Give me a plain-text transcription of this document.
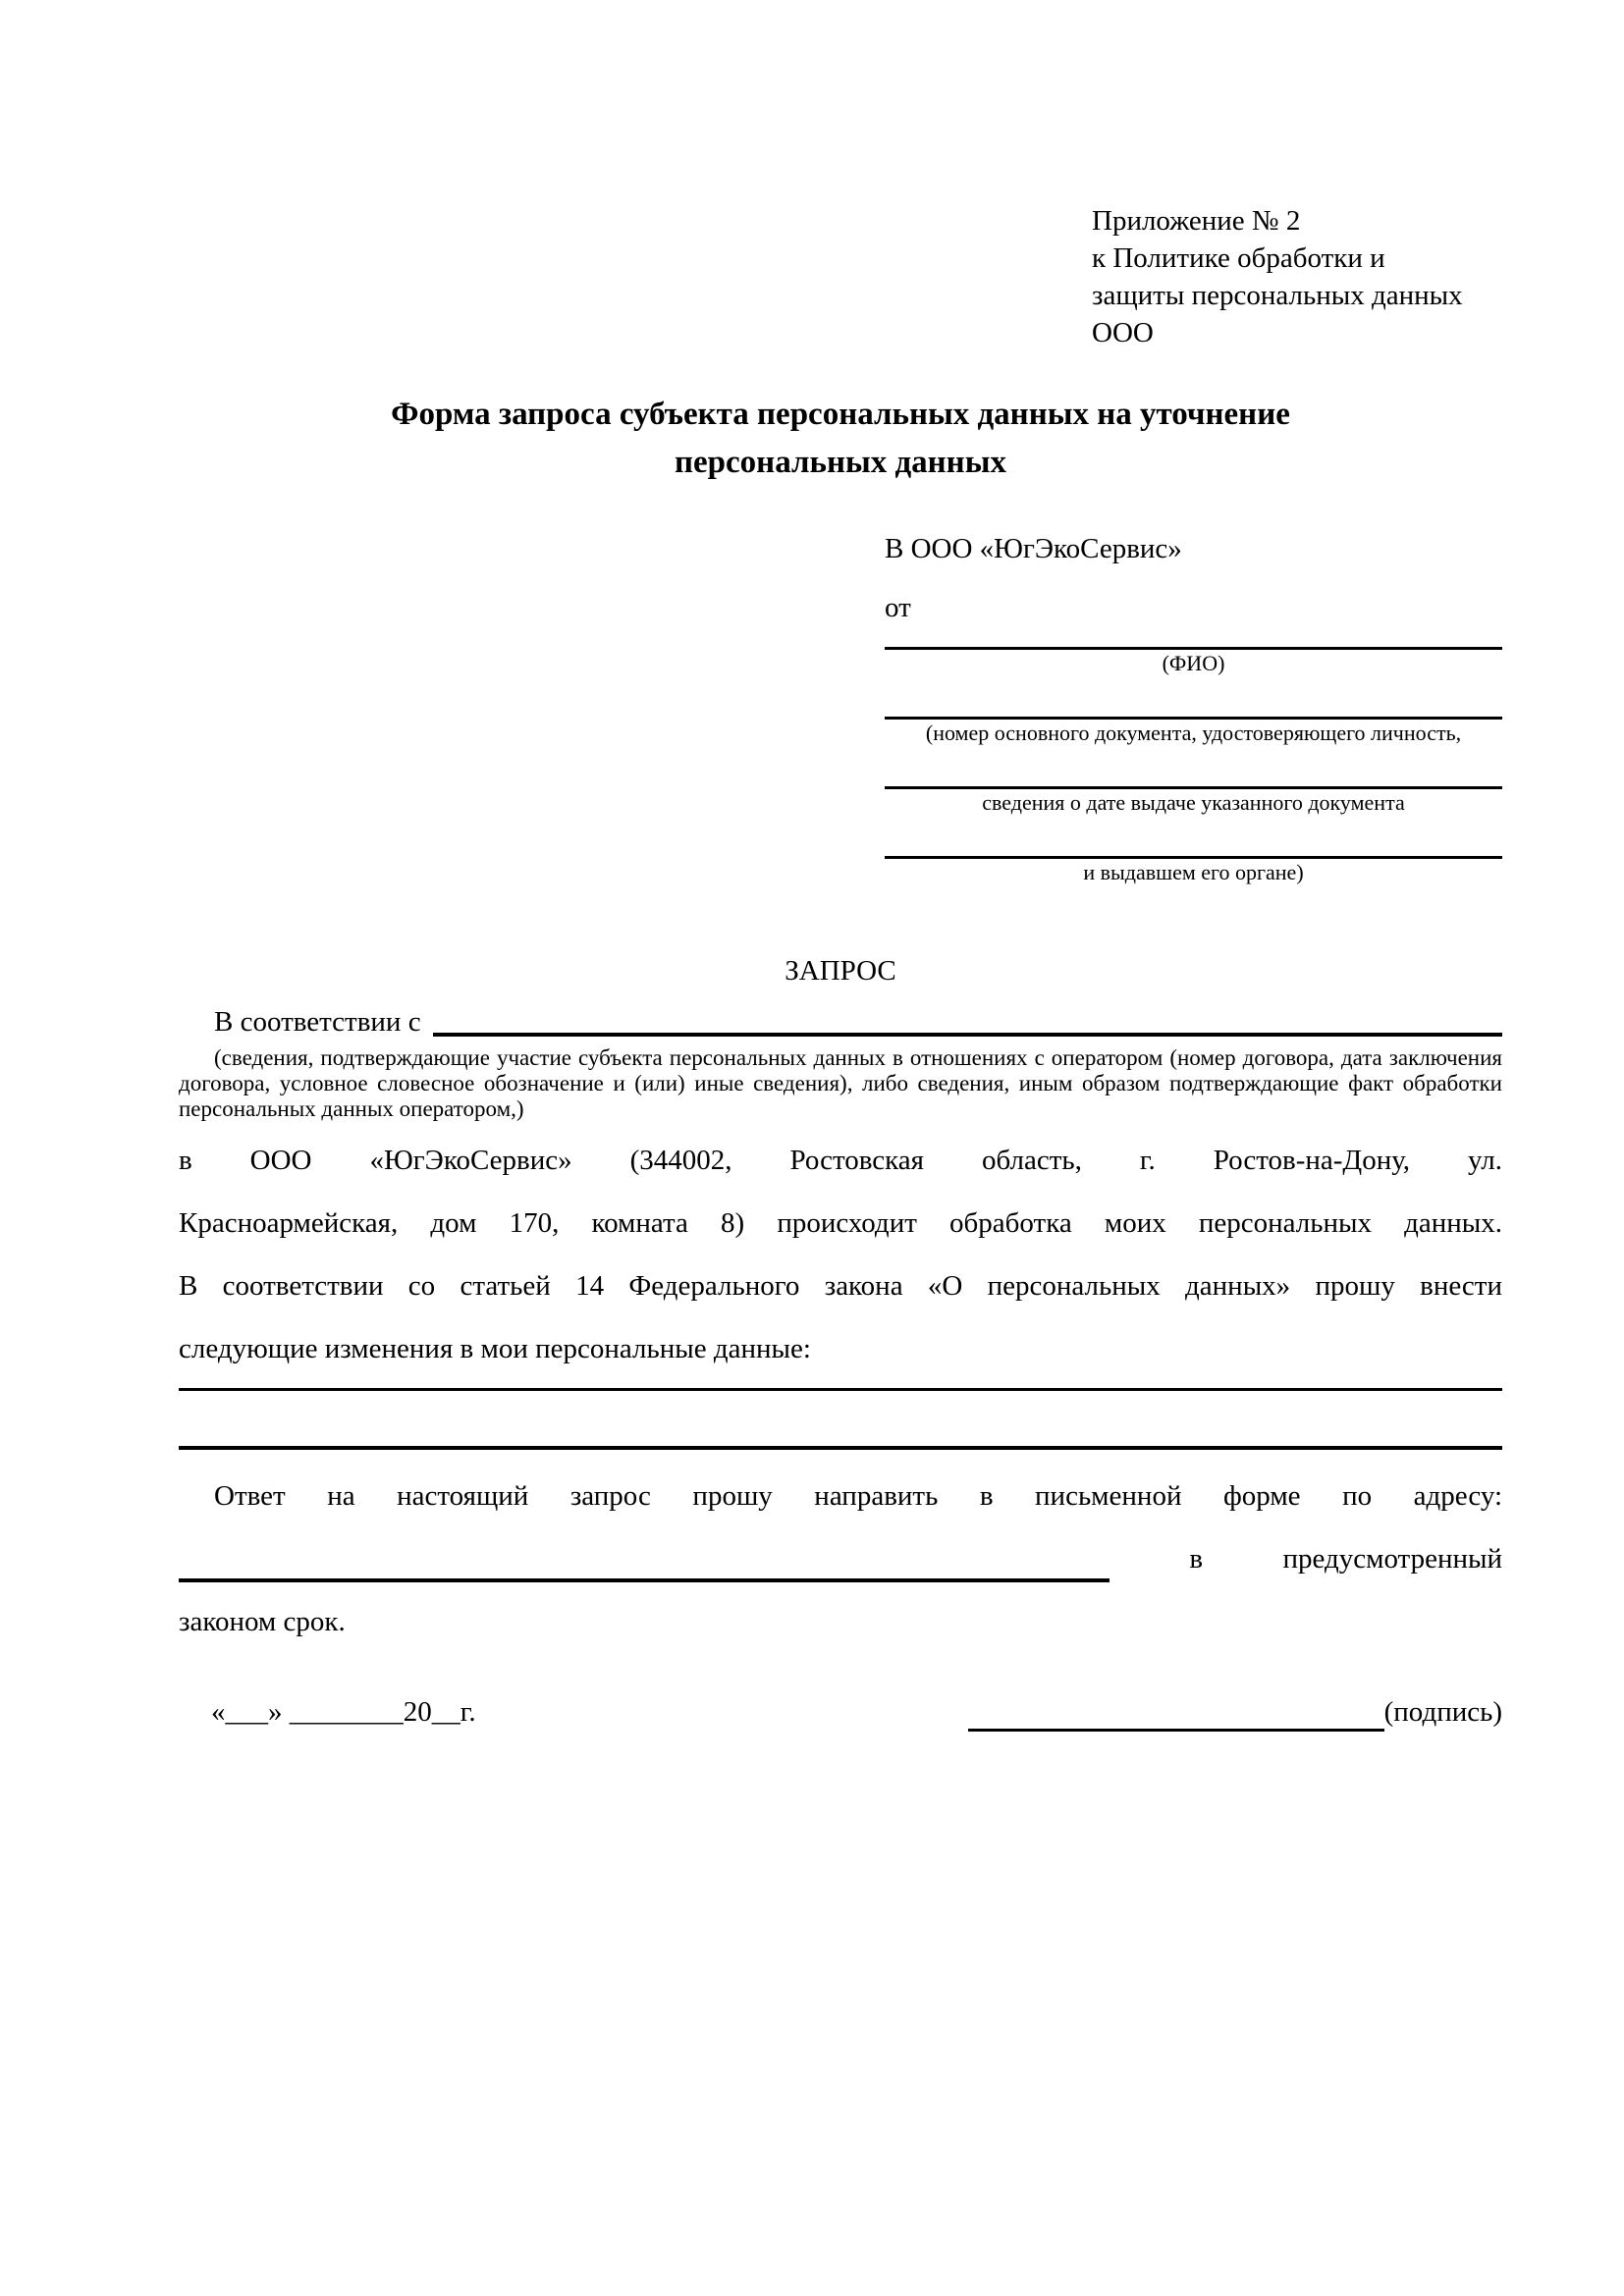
Приложение № 2
к Политике обработки и
защиты персональных данных
ООО
Форма запроса субъекта персональных данных на уточнение
персональных данных
В ООО «ЮгЭкоСервис»
от
(ФИО)
(номер основного документа, удостоверяющего личность,
сведения о дате выдаче указанного документа
и выдавшем его органе)
ЗАПРОС
В соответствии с
(сведения, подтверждающие участие субъекта персональных данных в отношениях с оператором (номер договора, дата заключения договора, условное словесное обозначение и (или) иные сведения), либо сведения, иным образом подтверждающие факт обработки персональных данных оператором,)
в ООО «ЮгЭкоСервис» (344002, Ростовская область, г. Ростов-на-Дону, ул.
Красноармейская, дом 170, комната 8) происходит обработка моих персональных данных.
В соответствии со статьей 14 Федерального закона «О персональных данных» прошу внести
следующие изменения в мои персональные данные:
Ответ на настоящий запрос прошу направить в письменной форме по адресу:
в	предусмотренный
законом срок.
«___» ________20__г.	(подпись)
